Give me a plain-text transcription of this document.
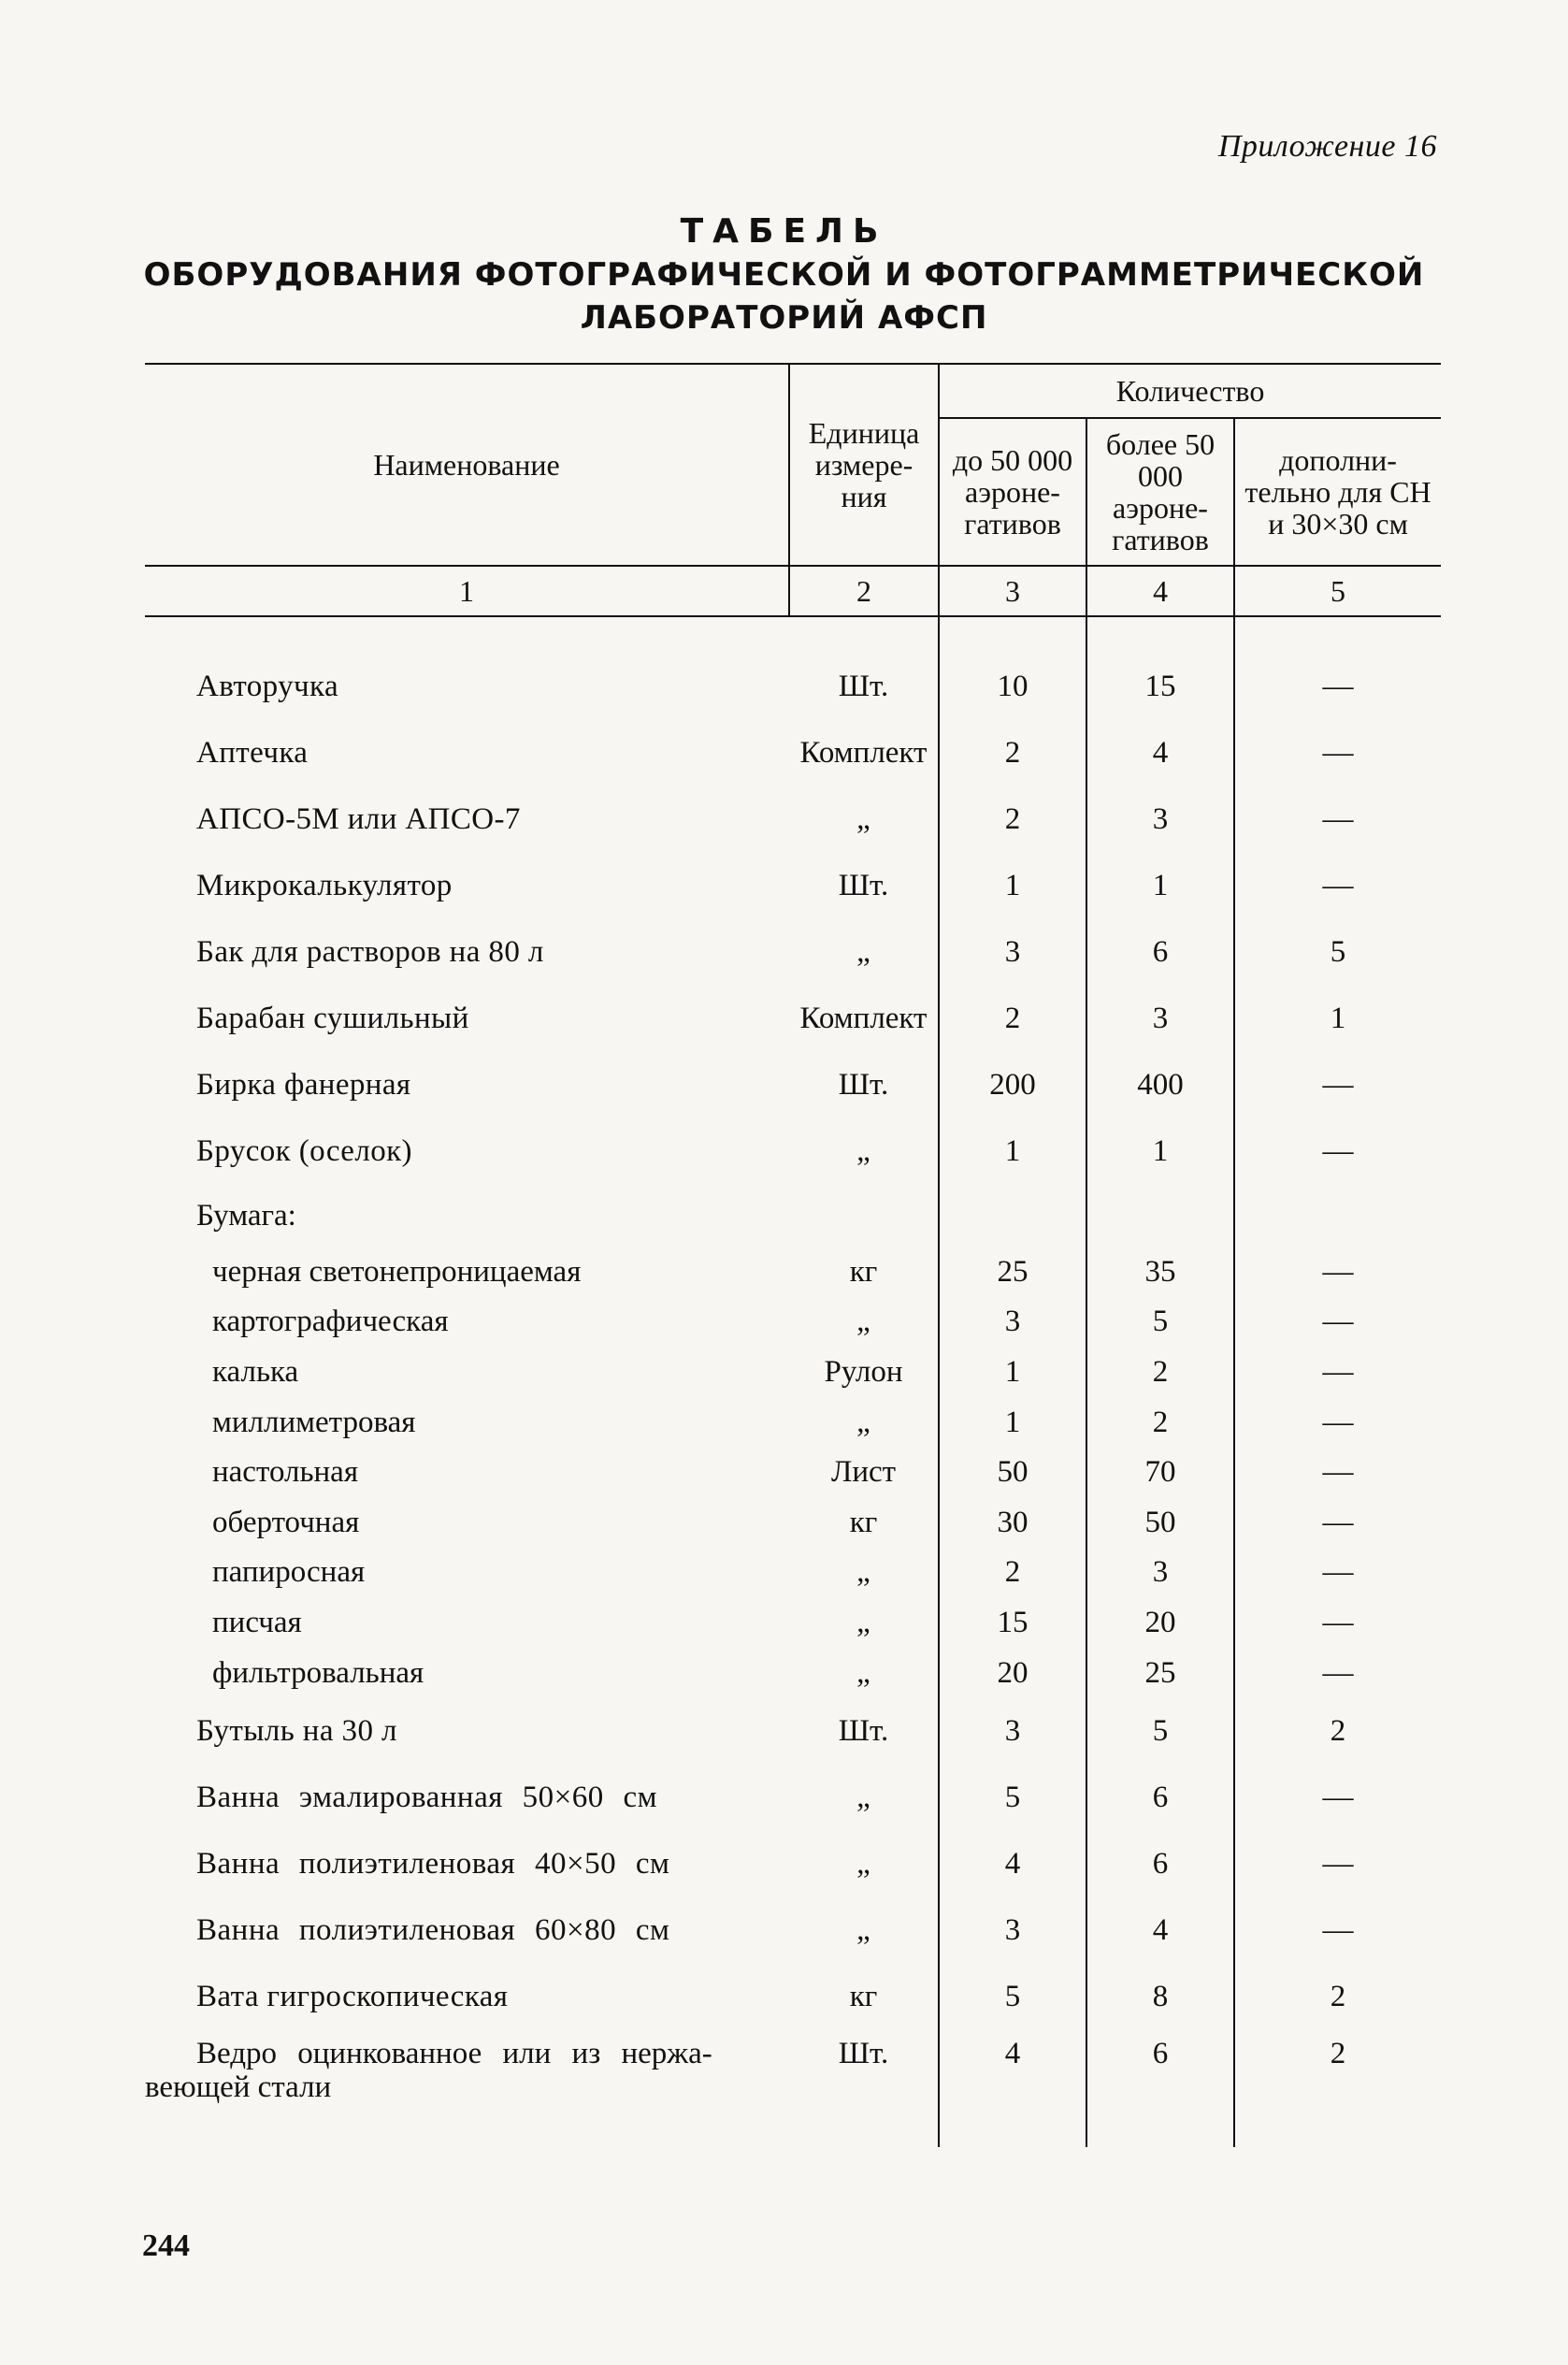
Приложение 16
ТАБЕЛЬ
ОБОРУДОВАНИЯ ФОТОГРАФИЧЕСКОЙ И ФОТОГРАММЕТРИЧЕСКОЙ
ЛАБОРАТОРИЙ АФСП
Наименование	Единица измере- ния	Количество		
		до 50 000 аэроне- гативов	более 50 000 аэроне- гативов	дополни- тельно для СН и 30×30 см
1	2	3	4	5

Авторучка	Шт.	10	15	—
Аптечка	Комплект	2	4	—
АПСО-5М или АПСО-7	„	2	3	—
Микрокалькулятор	Шт.	1	1	—
Бак для растворов на 80 л	„	3	6	5
Барабан сушильный	Комплект	2	3	1
Бирка фанерная	Шт.	200	400	—
Брусок (оселок)	„	1	1	—
Бумага:				
черная светонепроницаемая	кг	25	35	—
картографическая	„	3	5	—
калька	Рулон	1	2	—
миллиметровая	„	1	2	—
настольная	Лист	50	70	—
оберточная	кг	30	50	—
папиросная	„	2	3	—
писчая	„	15	20	—
фильтровальная	„	20	25	—
Бутыль на 30 л	Шт.	3	5	2
Ванна эмалированная 50×60 см	„	5	6	—
Ванна полиэтиленовая 40×50 см	„	4	6	—
Ванна полиэтиленовая 60×80 см	„	3	4	—
Вата гигроскопическая	кг	5	8	2

Ведро оцинкованное или из нержа-
веющей стали	Шт.	4	6	2

244
